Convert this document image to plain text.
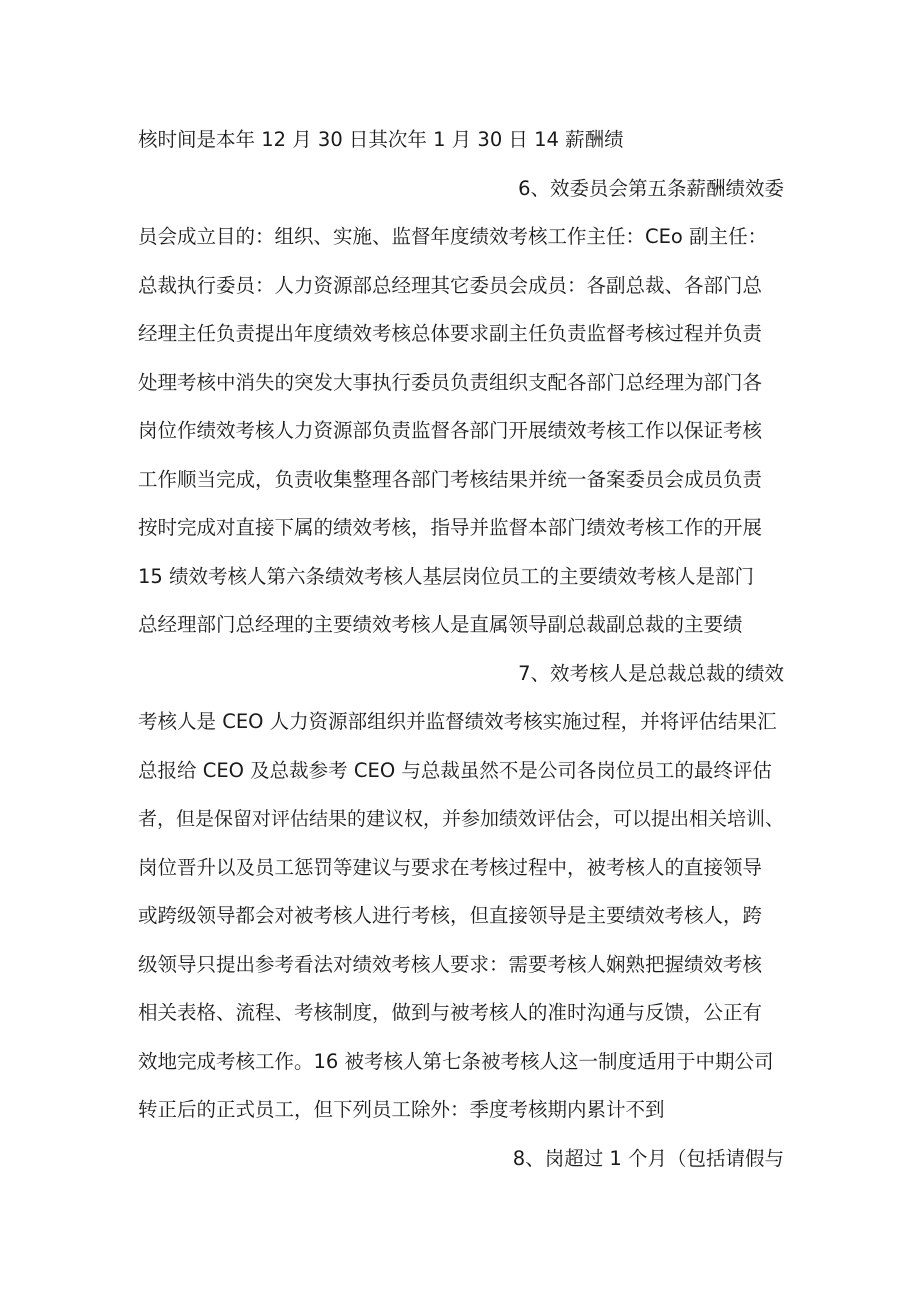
核时间是本年 12 月 30 日其次年 1 月 30 日 14 薪酬绩
6、效委员会第五条薪酬绩效委
员会成立目的：组织、实施、监督年度绩效考核工作主任：CEo 副主任：
总裁执行委员：人力资源部总经理其它委员会成员：各副总裁、各部门总
经理主任负责提出年度绩效考核总体要求副主任负责监督考核过程并负责
处理考核中消失的突发大事执行委员负责组织支配各部门总经理为部门各
岗位作绩效考核人力资源部负责监督各部门开展绩效考核工作以保证考核
工作顺当完成，负责收集整理各部门考核结果并统一备案委员会成员负责
按时完成对直接下属的绩效考核，指导并监督本部门绩效考核工作的开展
15 绩效考核人第六条绩效考核人基层岗位员工的主要绩效考核人是部门
总经理部门总经理的主要绩效考核人是直属领导副总裁副总裁的主要绩
7、效考核人是总裁总裁的绩效
考核人是 CEO 人力资源部组织并监督绩效考核实施过程，并将评估结果汇
总报给 CEO 及总裁参考 CEO 与总裁虽然不是公司各岗位员工的最终评估
者，但是保留对评估结果的建议权，并参加绩效评估会，可以提出相关培训、
岗位晋升以及员工惩罚等建议与要求在考核过程中，被考核人的直接领导
或跨级领导都会对被考核人进行考核，但直接领导是主要绩效考核人，跨
级领导只提出参考看法对绩效考核人要求：需要考核人娴熟把握绩效考核
相关表格、流程、考核制度，做到与被考核人的准时沟通与反馈，公正有
效地完成考核工作。16 被考核人第七条被考核人这一制度适用于中期公司
转正后的正式员工，但下列员工除外：季度考核期内累计不到
8、岗超过 1 个月（包括请假与
